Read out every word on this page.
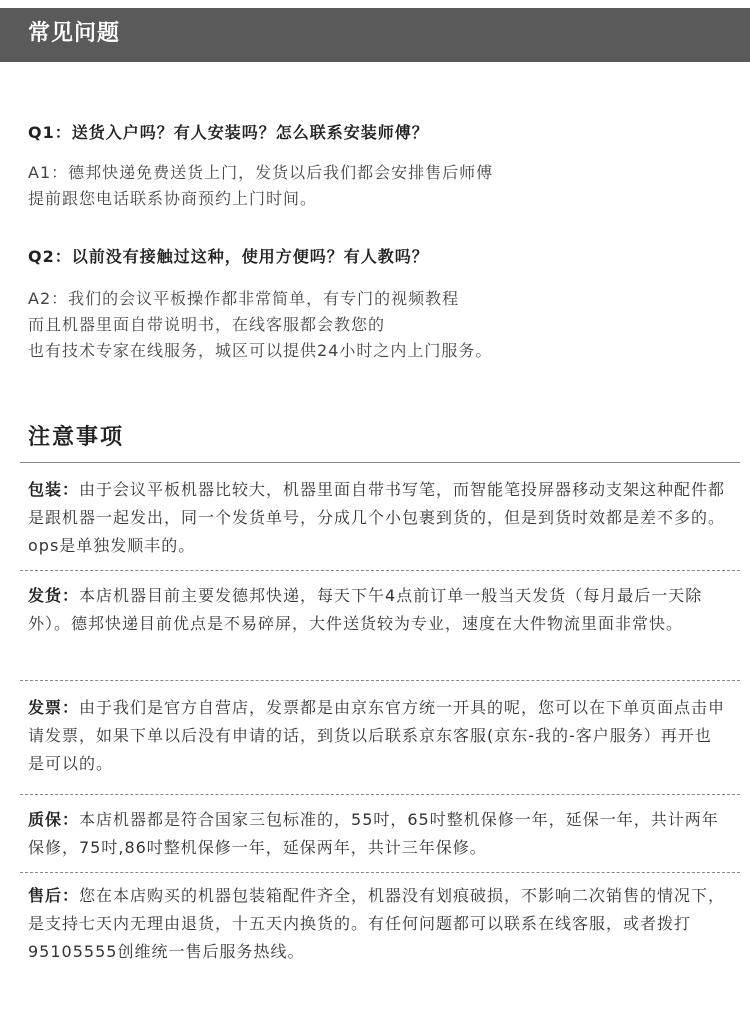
常见问题
Q1：送货入户吗？有人安装吗？怎么联系安装师傅？
A1：德邦快递免费送货上门，发货以后我们都会安排售后师傅
提前跟您电话联系协商预约上门时间。
Q2：以前没有接触过这种，使用方便吗？有人教吗？
A2：我们的会议平板操作都非常简单，有专门的视频教程
而且机器里面自带说明书，在线客服都会教您的
也有技术专家在线服务，城区可以提供24小时之内上门服务。
注意事项
包装：由于会议平板机器比较大，机器里面自带书写笔，而智能笔投屏器移动支架这种配件都是跟机器一起发出，同一个发货单号，分成几个小包裹到货的，但是到货时效都是差不多的。ops是单独发顺丰的。
发货：本店机器目前主要发德邦快递，每天下午4点前订单一般当天发货（每月最后一天除外）。德邦快递目前优点是不易碎屏，大件送货较为专业，速度在大件物流里面非常快。
发票：由于我们是官方自营店，发票都是由京东官方统一开具的呢，您可以在下单页面点击申请发票，如果下单以后没有申请的话，到货以后联系京东客服(京东-我的-客户服务）再开也是可以的。
质保：本店机器都是符合国家三包标准的，55吋，65吋整机保修一年，延保一年，共计两年保修，75吋,86吋整机保修一年，延保两年，共计三年保修。
售后：您在本店购买的机器包装箱配件齐全，机器没有划痕破损，不影响二次销售的情况下，是支持七天内无理由退货，十五天内换货的。有任何问题都可以联系在线客服，或者拨打95105555创维统一售后服务热线。
